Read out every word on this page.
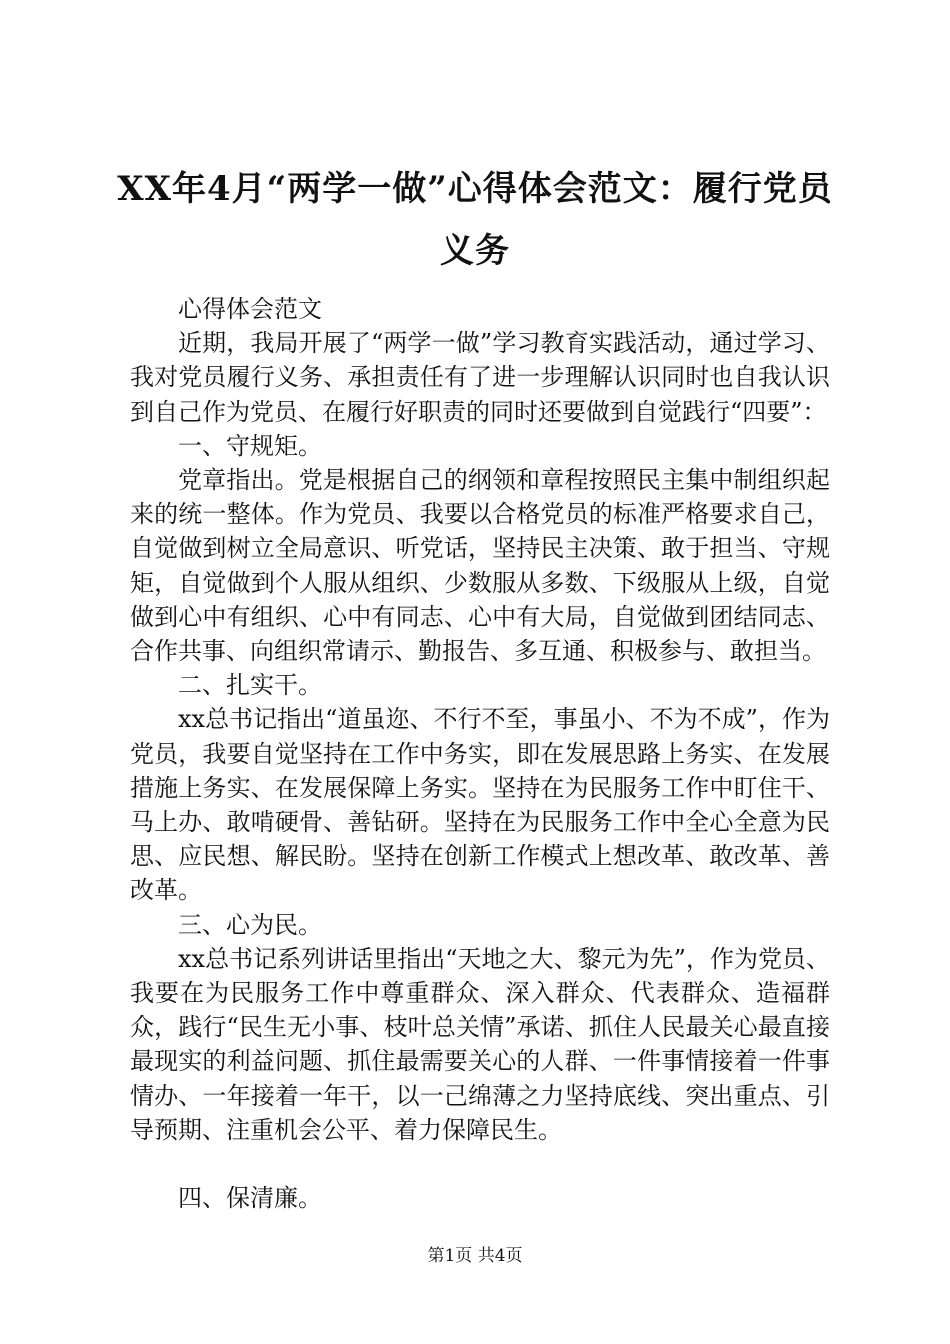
XX年4月“两学一做”心得体会范文：履行党员义务

心得体会范文

近期，我局开展了“两学一做”学习教育实践活动，通过学习、我对党员履行义务、承担责任有了进一步理解认识同时也自我认识到自己作为党员、在履行好职责的同时还要做到自觉践行“四要”：

一、守规矩。

党章指出。党是根据自己的纲领和章程按照民主集中制组织起来的统一整体。作为党员、我要以合格党员的标准严格要求自己，自觉做到树立全局意识、听党话，坚持民主决策、敢于担当、守规矩，自觉做到个人服从组织、少数服从多数、下级服从上级，自觉做到心中有组织、心中有同志、心中有大局，自觉做到团结同志、合作共事、向组织常请示、勤报告、多互通、积极参与、敢担当。

二、扎实干。

xx总书记指出“道虽迩、不行不至，事虽小、不为不成”，作为党员，我要自觉坚持在工作中务实，即在发展思路上务实、在发展措施上务实、在发展保障上务实。坚持在为民服务工作中盯住干、马上办、敢啃硬骨、善钻研。坚持在为民服务工作中全心全意为民思、应民想、解民盼。坚持在创新工作模式上想改革、敢改革、善改革。

三、心为民。

xx总书记系列讲话里指出“天地之大、黎元为先”，作为党员、我要在为民服务工作中尊重群众、深入群众、代表群众、造福群众，践行“民生无小事、枝叶总关情”承诺、抓住人民最关心最直接最现实的利益问题、抓住最需要关心的人群、一件事情接着一件事情办、一年接着一年干，以一己绵薄之力坚持底线、突出重点、引导预期、注重机会公平、着力保障民生。

四、保清廉。

第1页 共4页
